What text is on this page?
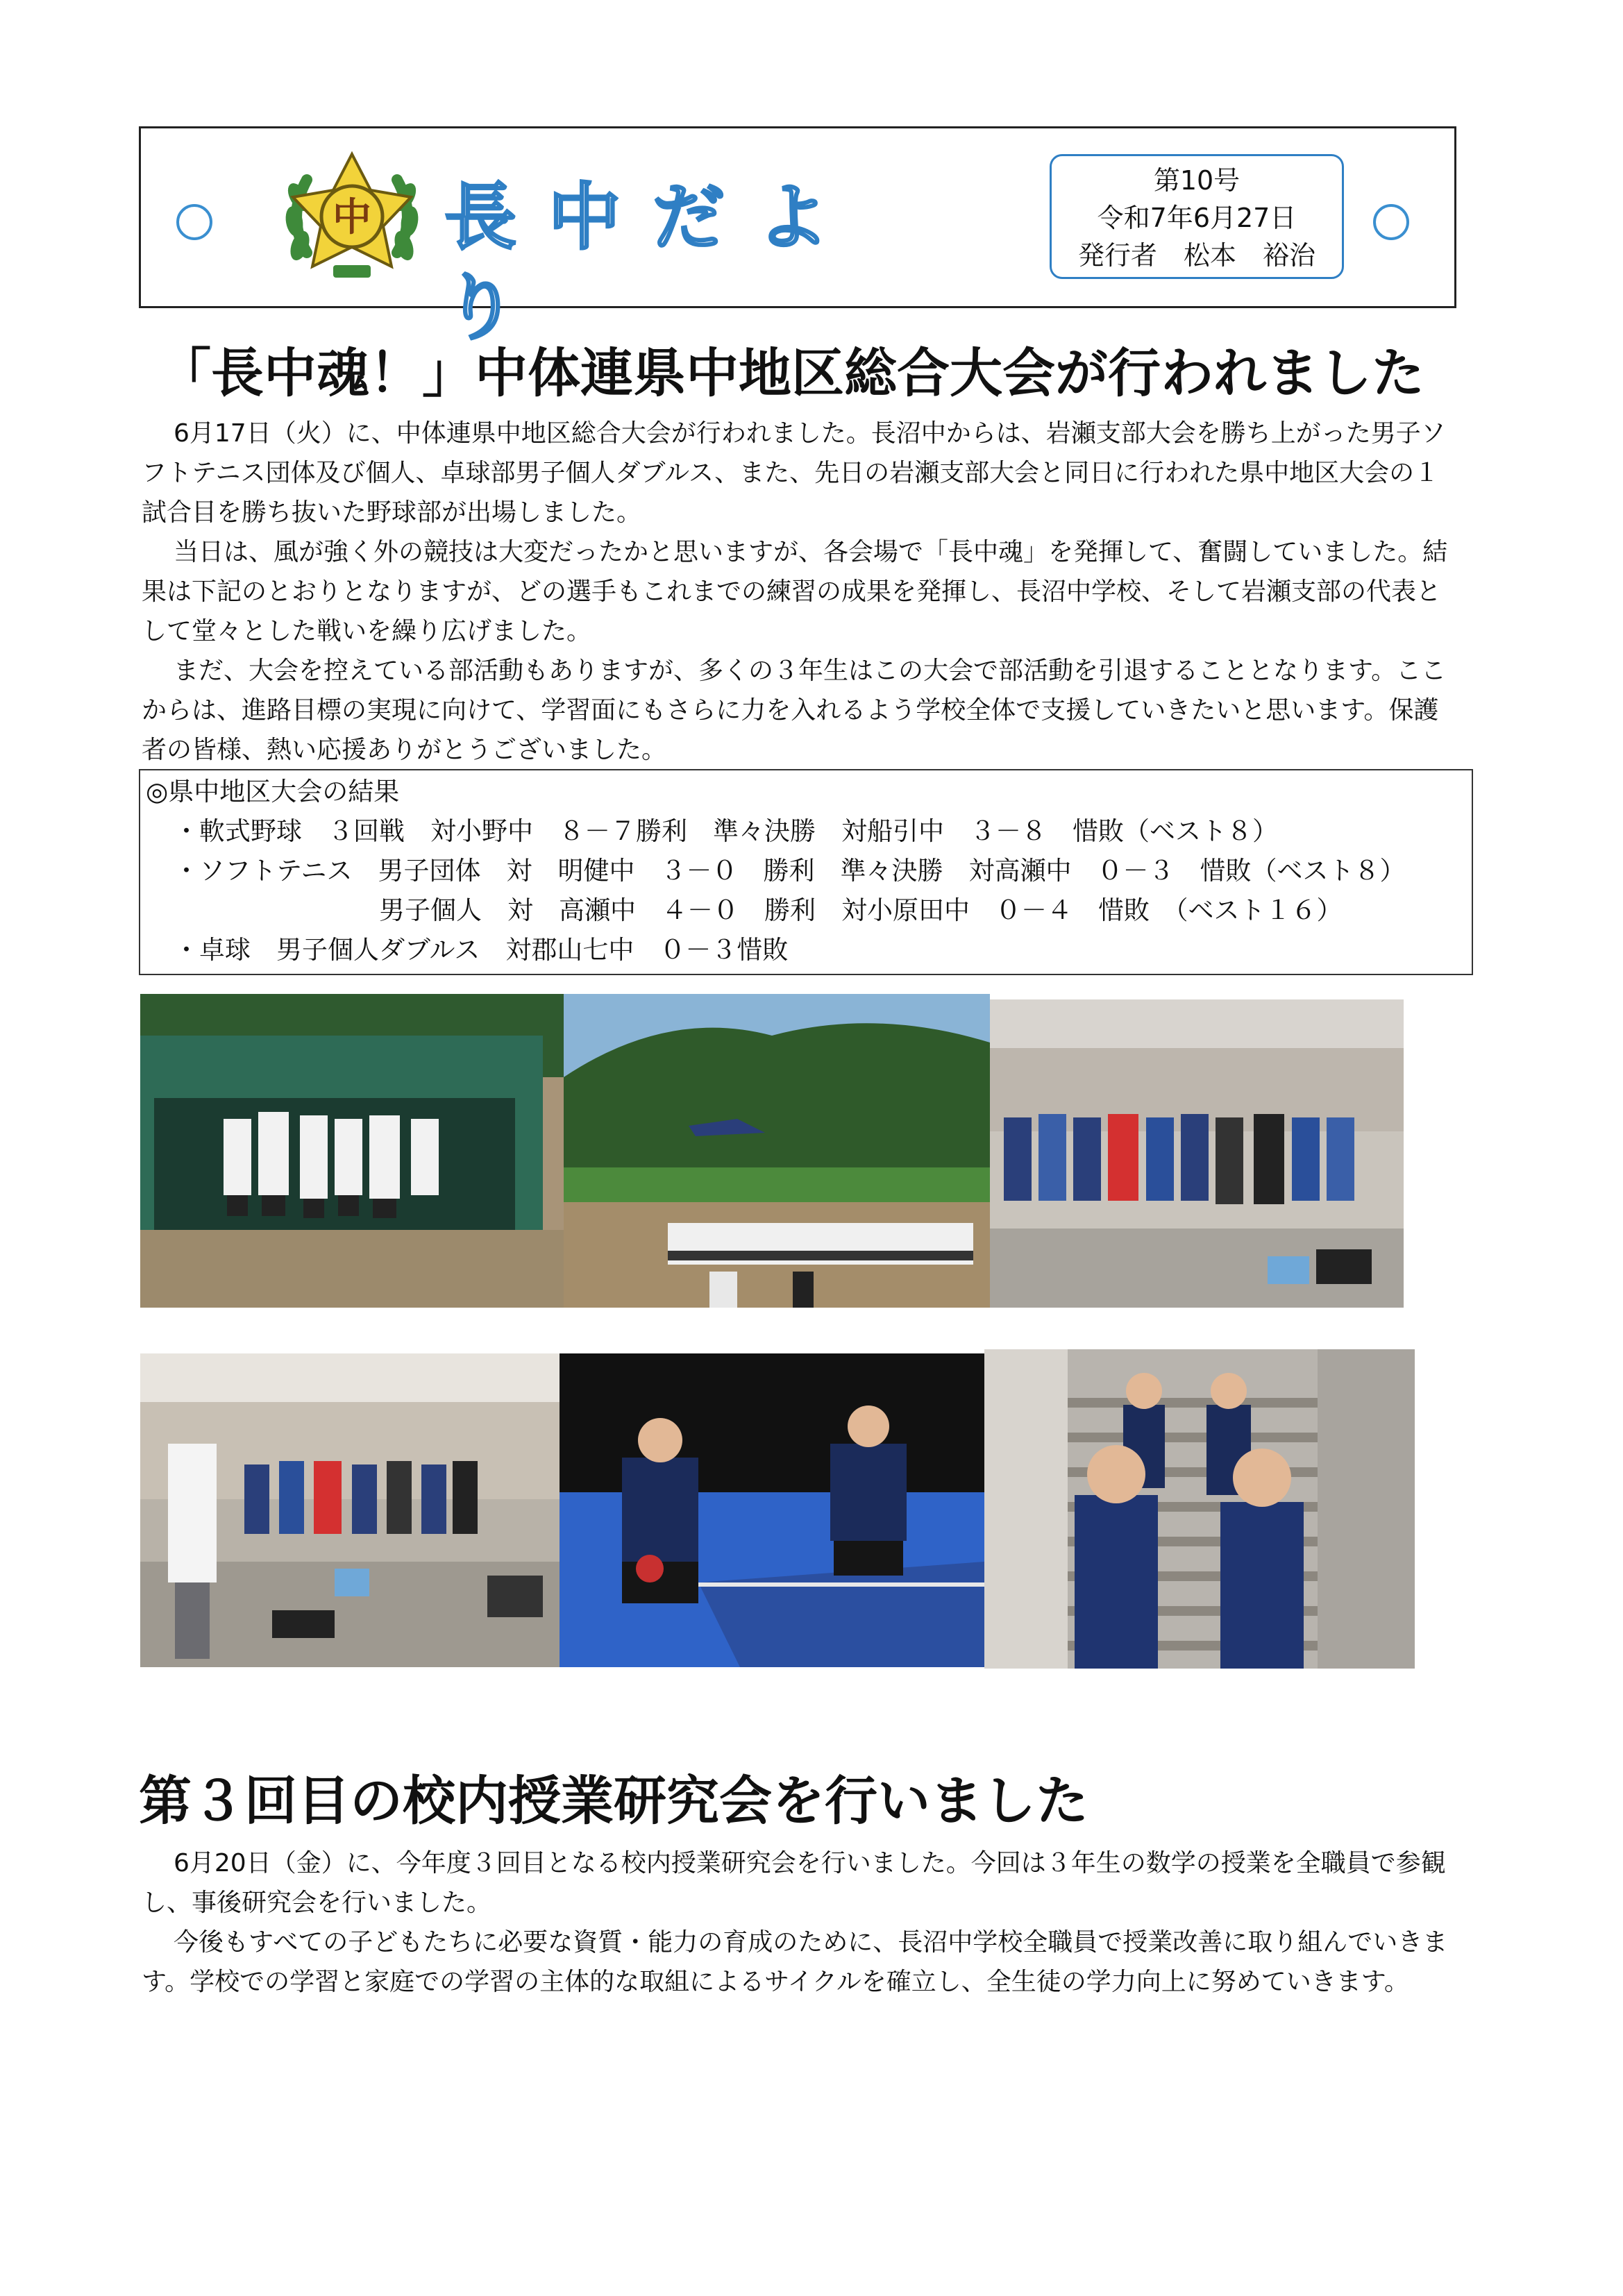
中 長中だより
第10号
令和7年6月27日
発行者　松本　裕治
「長中魂！」中体連県中地区総合大会が行われました

6月17日（火）に、中体連県中地区総合大会が行われました。長沼中からは、岩瀬支部大会を勝ち上がった男子ソフトテニス団体及び個人、卓球部男子個人ダブルス、また、先日の岩瀬支部大会と同日に行われた県中地区大会の１試合目を勝ち抜いた野球部が出場しました。

当日は、風が強く外の競技は大変だったかと思いますが、各会場で「長中魂」を発揮して、奮闘していました。結果は下記のとおりとなりますが、どの選手もこれまでの練習の成果を発揮し、長沼中学校、そして岩瀬支部の代表として堂々とした戦いを繰り広げました。

まだ、大会を控えている部活動もありますが、多くの３年生はこの大会で部活動を引退することとなります。ここからは、進路目標の実現に向けて、学習面にもさらに力を入れるよう学校全体で支援していきたいと思います。保護者の皆様、熱い応援ありがとうございました。

◎県中地区大会の結果
・軟式野球　３回戦　対小野中　８－７勝利　準々決勝　対船引中　３－８　惜敗（ベスト８）
・ソフトテニス　男子団体　対　明健中　３－０　勝利　準々決勝　対高瀬中　０－３　惜敗（ベスト８）
　　　　　　　　男子個人　対　高瀬中　４－０　勝利　対小原田中　０－４　惜敗　（ベスト１６）
・卓球　男子個人ダブルス　対郡山七中　０－３惜敗
第３回目の校内授業研究会を行いました

6月20日（金）に、今年度３回目となる校内授業研究会を行いました。今回は３年生の数学の授業を全職員で参観し、事後研究会を行いました。

今後もすべての子どもたちに必要な資質・能力の育成のために、長沼中学校全職員で授業改善に取り組んでいきます。学校での学習と家庭での学習の主体的な取組によるサイクルを確立し、全生徒の学力向上に努めていきます。
